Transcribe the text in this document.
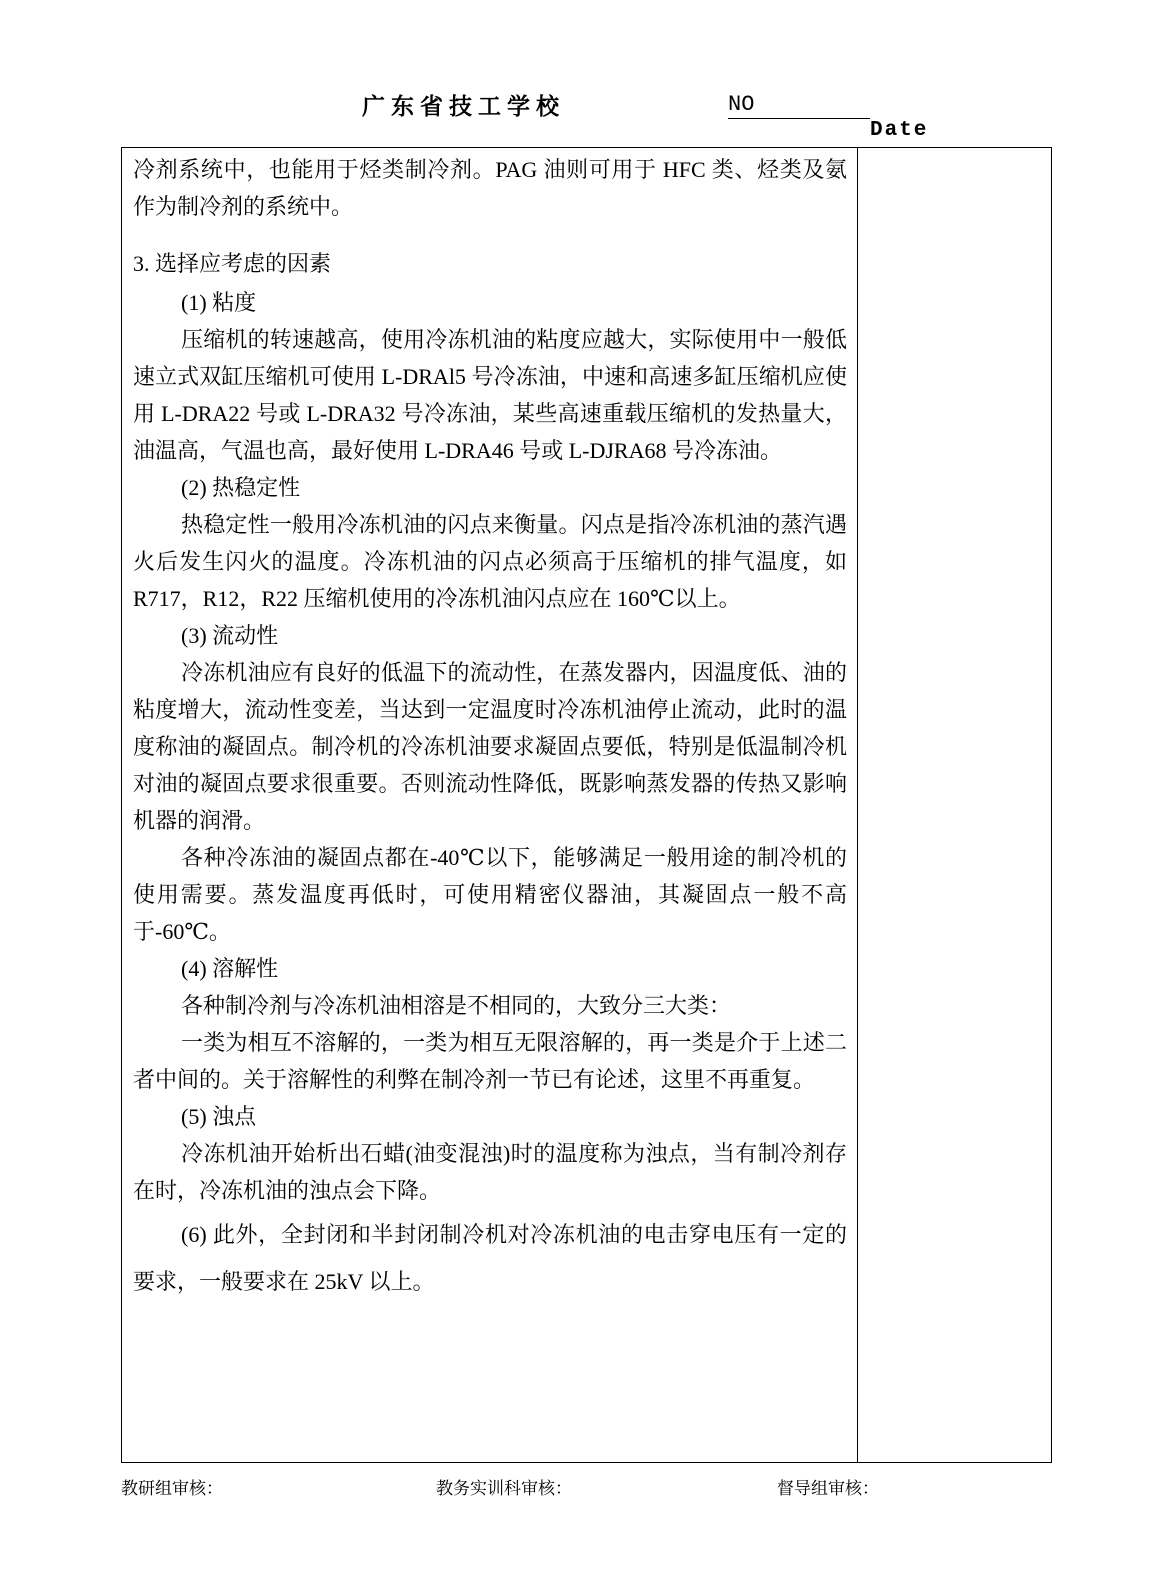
广东省技工学校	NO
Date

冷剂系统中，也能用于烃类制冷剂。PAG 油则可用于 HFC 类、烃类及氨作为制冷剂的系统中。

3. 选择应考虑的因素

(1) 粘度

压缩机的转速越高，使用冷冻机油的粘度应越大，实际使用中一般低速立式双缸压缩机可使用 L-DRAl5 号冷冻油，中速和高速多缸压缩机应使用 L-DRA22 号或 L-DRA32 号冷冻油，某些高速重载压缩机的发热量大，油温高，气温也高，最好使用 L-DRA46 号或 L-DJRA68 号冷冻油。

(2) 热稳定性

热稳定性一般用冷冻机油的闪点来衡量。闪点是指冷冻机油的蒸汽遇火后发生闪火的温度。冷冻机油的闪点必须高于压缩机的排气温度，如 R717，R12，R22 压缩机使用的冷冻机油闪点应在 160℃以上。

(3) 流动性

冷冻机油应有良好的低温下的流动性，在蒸发器内，因温度低、油的粘度增大，流动性变差，当达到一定温度时冷冻机油停止流动，此时的温度称油的凝固点。制冷机的冷冻机油要求凝固点要低，特别是低温制冷机对油的凝固点要求很重要。否则流动性降低，既影响蒸发器的传热又影响机器的润滑。

各种冷冻油的凝固点都在-40℃以下，能够满足一般用途的制冷机的使用需要。蒸发温度再低时，可使用精密仪器油，其凝固点一般不高于-60℃。

(4) 溶解性

各种制冷剂与冷冻机油相溶是不相同的，大致分三大类：

一类为相互不溶解的，一类为相互无限溶解的，再一类是介于上述二者中间的。关于溶解性的利弊在制冷剂一节已有论述，这里不再重复。

(5) 浊点

冷冻机油开始析出石蜡(油变混浊)时的温度称为浊点，当有制冷剂存在时，冷冻机油的浊点会下降。

(6) 此外，全封闭和半封闭制冷机对冷冻机油的电击穿电压有一定的要求，一般要求在 25kV 以上。

教研组审核：	教务实训科审核：	督导组审核：
